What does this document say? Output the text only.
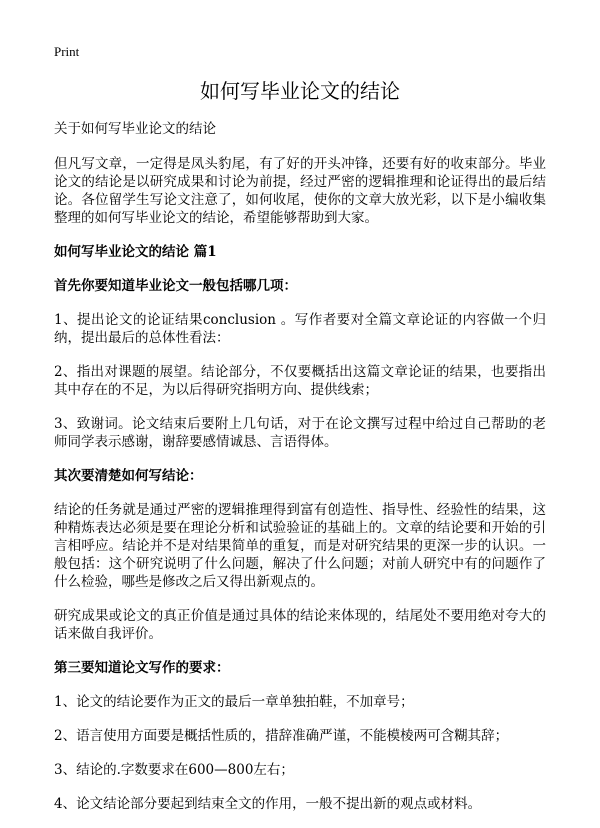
Print
如何写毕业论文的结论
关于如何写毕业论文的结论

但凡写文章，一定得是凤头豹尾，有了好的开头冲锋，还要有好的收束部分。毕业论文的结论是以研究成果和讨论为前提，经过严密的逻辑推理和论证得出的最后结论。各位留学生写论文注意了，如何收尾，使你的文章大放光彩，以下是小编收集整理的如何写毕业论文的结论，希望能够帮助到大家。

如何写毕业论文的结论 篇1

首先你要知道毕业论文一般包括哪几项：

1、提出论文的论证结果conclusion 。写作者要对全篇文章论证的内容做一个归纳，提出最后的总体性看法：

2、指出对课题的展望。结论部分，不仅要概括出这篇文章论证的结果，也要指出其中存在的不足，为以后得研究指明方向、提供线索；

3、致谢词。论文结束后要附上几句话，对于在论文撰写过程中给过自己帮助的老师同学表示感谢，谢辞要感情诚恳、言语得体。

其次要清楚如何写结论：

结论的任务就是通过严密的逻辑推理得到富有创造性、指导性、经验性的结果，这种精炼表达必须是要在理论分析和试验验证的基础上的。文章的结论要和开始的引言相呼应。结论并不是对结果简单的重复，而是对研究结果的更深一步的认识。一般包括：这个研究说明了什么问题，解决了什么问题；对前人研究中有的问题作了什么检验，哪些是修改之后又得出新观点的。

研究成果或论文的真正价值是通过具体的结论来体现的，结尾处不要用绝对夸大的话来做自我评价。

第三要知道论文写作的要求：

1、论文的结论要作为正文的最后一章单独拍鞋，不加章号；

2、语言使用方面要是概括性质的，措辞准确严谨，不能模棱两可含糊其辞；

3、结论的.字数要求在600—800左右；

4、论文结论部分要起到结束全文的作用，一般不提出新的观点或材料。
